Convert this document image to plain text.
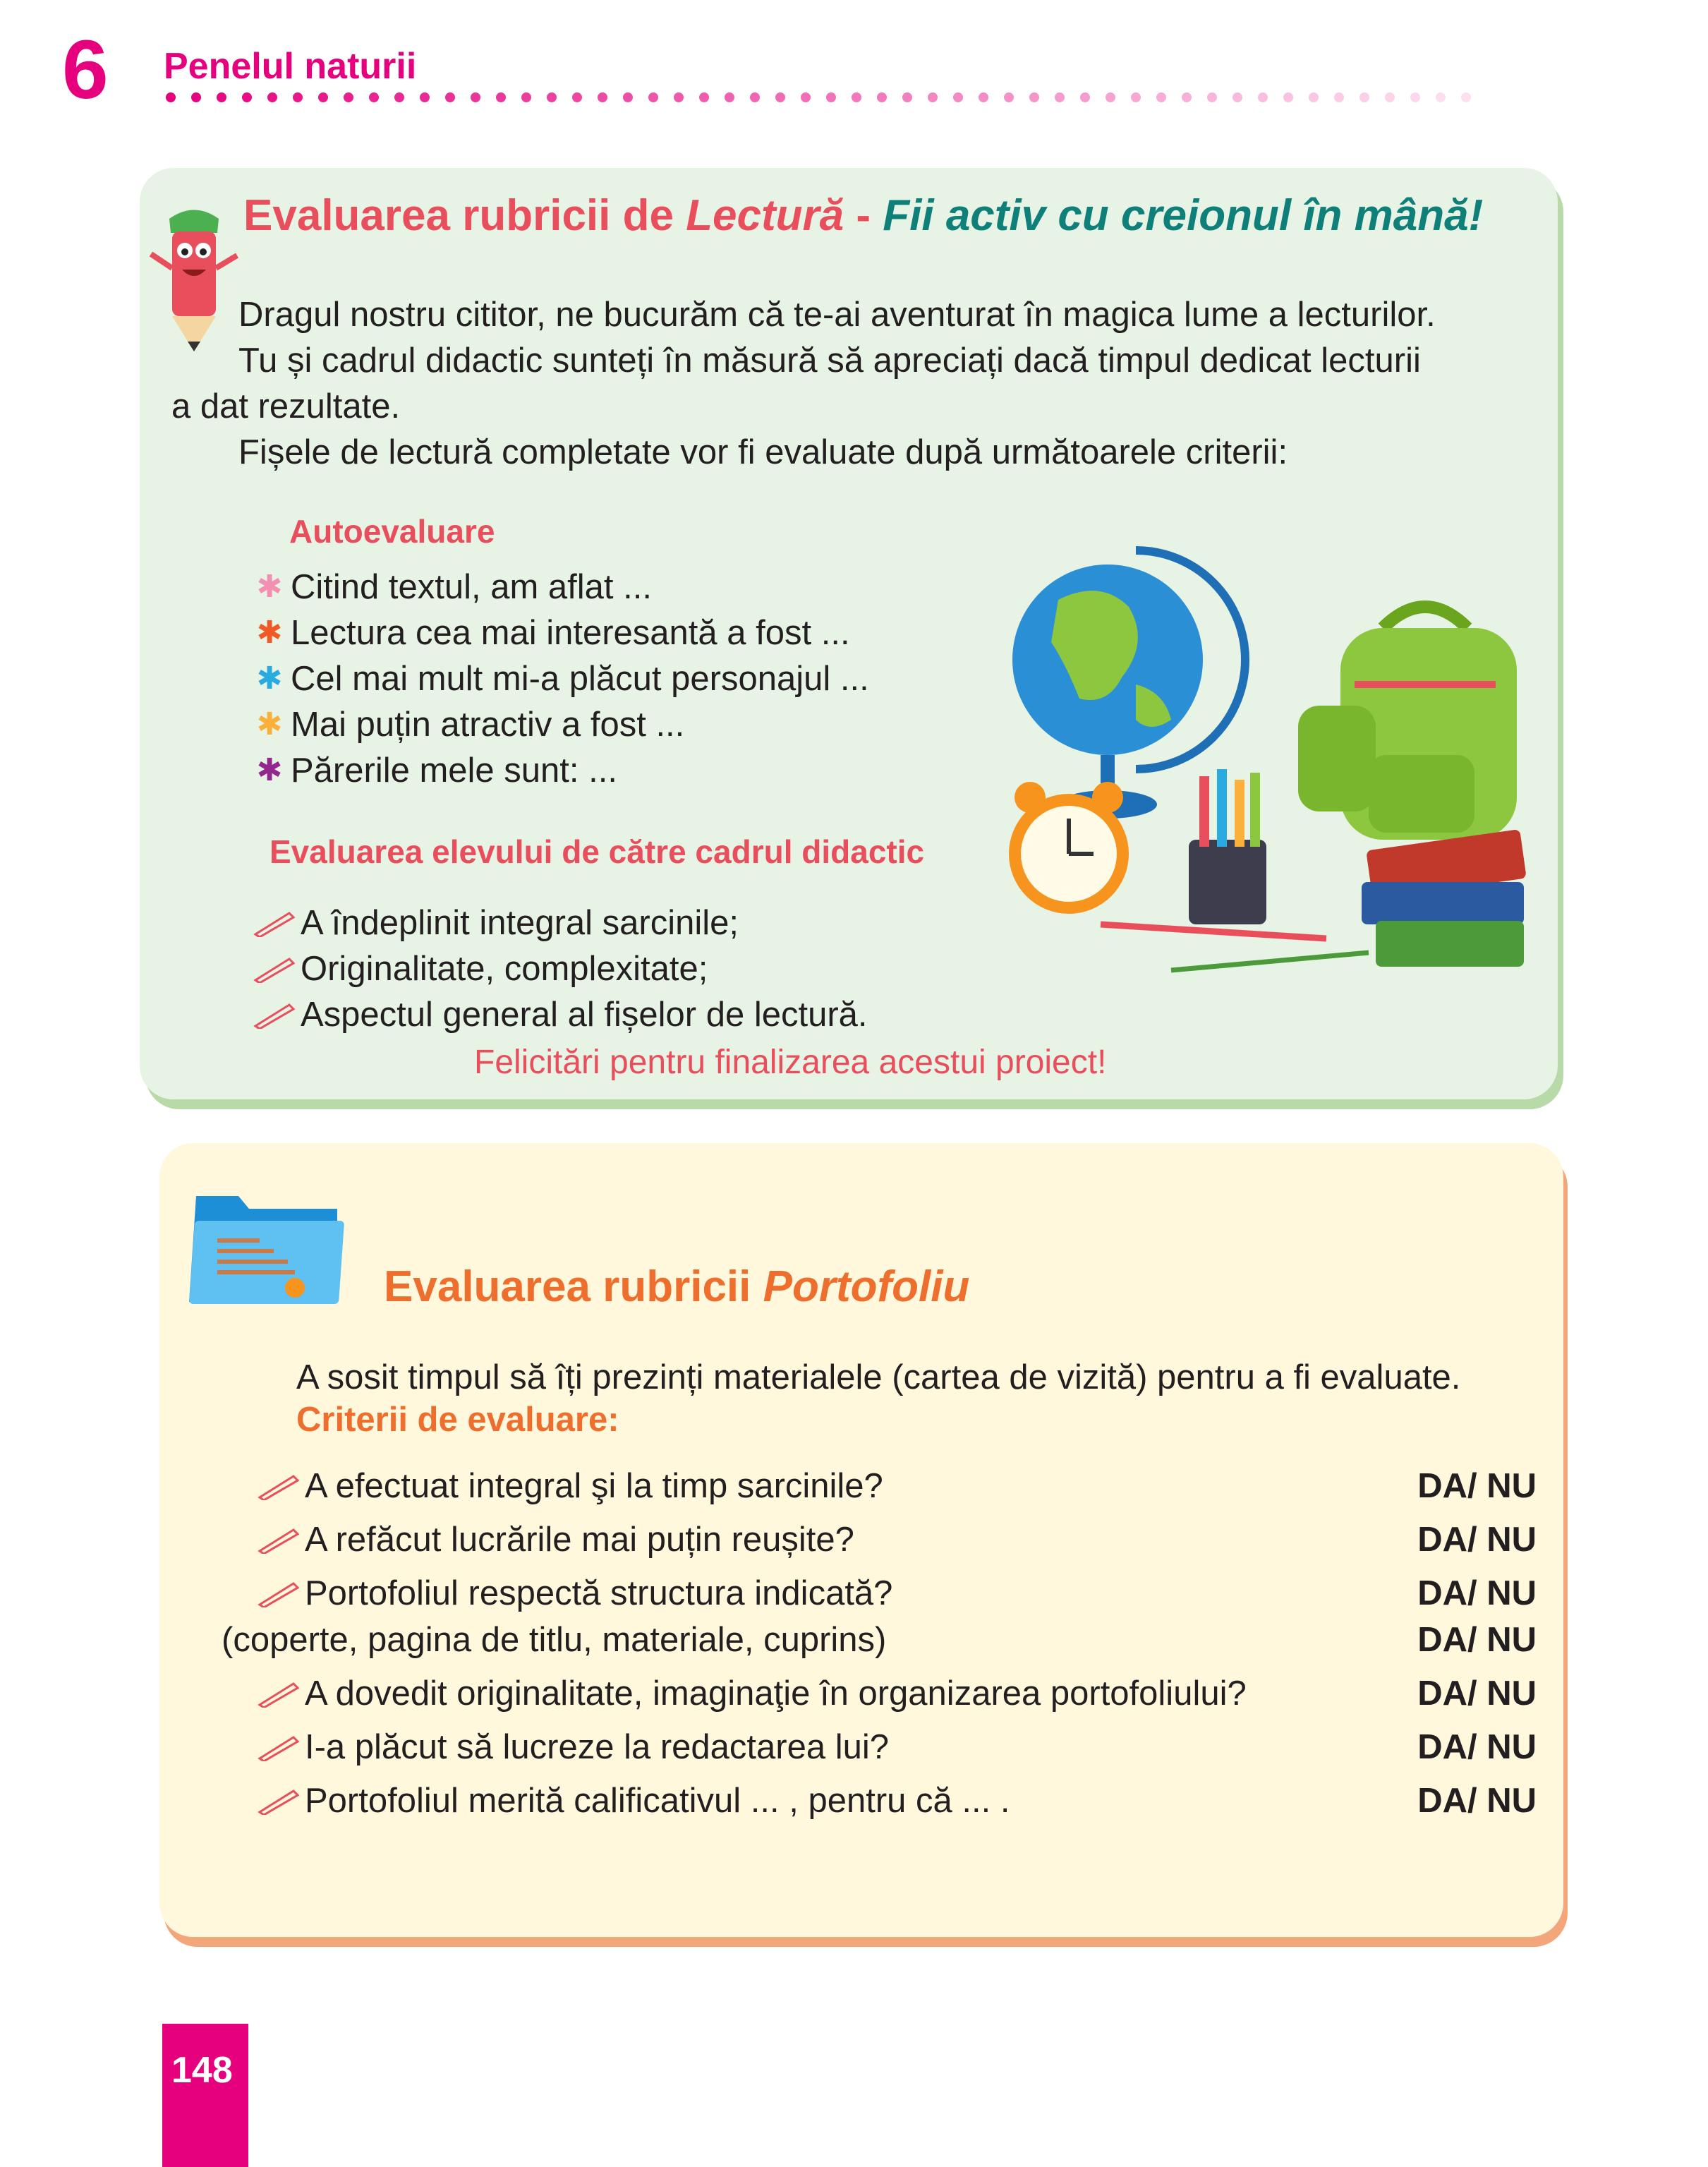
6 Penelul naturii
Evaluarea rubricii de Lectură - Fii activ cu creionul în mână!
Dragul nostru cititor, ne bucurăm că te-ai aventurat în magica lume a lecturilor.
Tu și cadrul didactic sunteți în măsură să apreciați dacă timpul dedicat lecturii
a dat rezultate.
Fișele de lectură completate vor fi evaluate după următoarele criterii:
Autoevaluare
✱ Citind textul, am aflat ...
✱ Lectura cea mai interesantă a fost ...
✱ Cel mai mult mi-a plăcut personajul ...
✱ Mai puțin atractiv a fost ...
✱ Părerile mele sunt: ...
Evaluarea elevului de către cadrul didactic
A îndeplinit integral sarcinile;
Originalitate, complexitate;
Aspectul general al fișelor de lectură.
Felicitări pentru finalizarea acestui proiect!
Evaluarea rubricii Portofoliu
A sosit timpul să îți prezinți materialele (cartea de vizită) pentru a fi evaluate.
Criterii de evaluare:
A efectuat integral şi la timp sarcinile?	DA/ NU
A refăcut lucrările mai puțin reușite?	DA/ NU
Portofoliul respectă structura indicată?	DA/ NU
(coperte, pagina de titlu, materiale, cuprins)	DA/ NU
A dovedit originalitate, imaginaţie în organizarea portofoliului?	DA/ NU
I-a plăcut să lucreze la redactarea lui?	DA/ NU
Portofoliul merită calificativul ... , pentru că ... .	DA/ NU
148
